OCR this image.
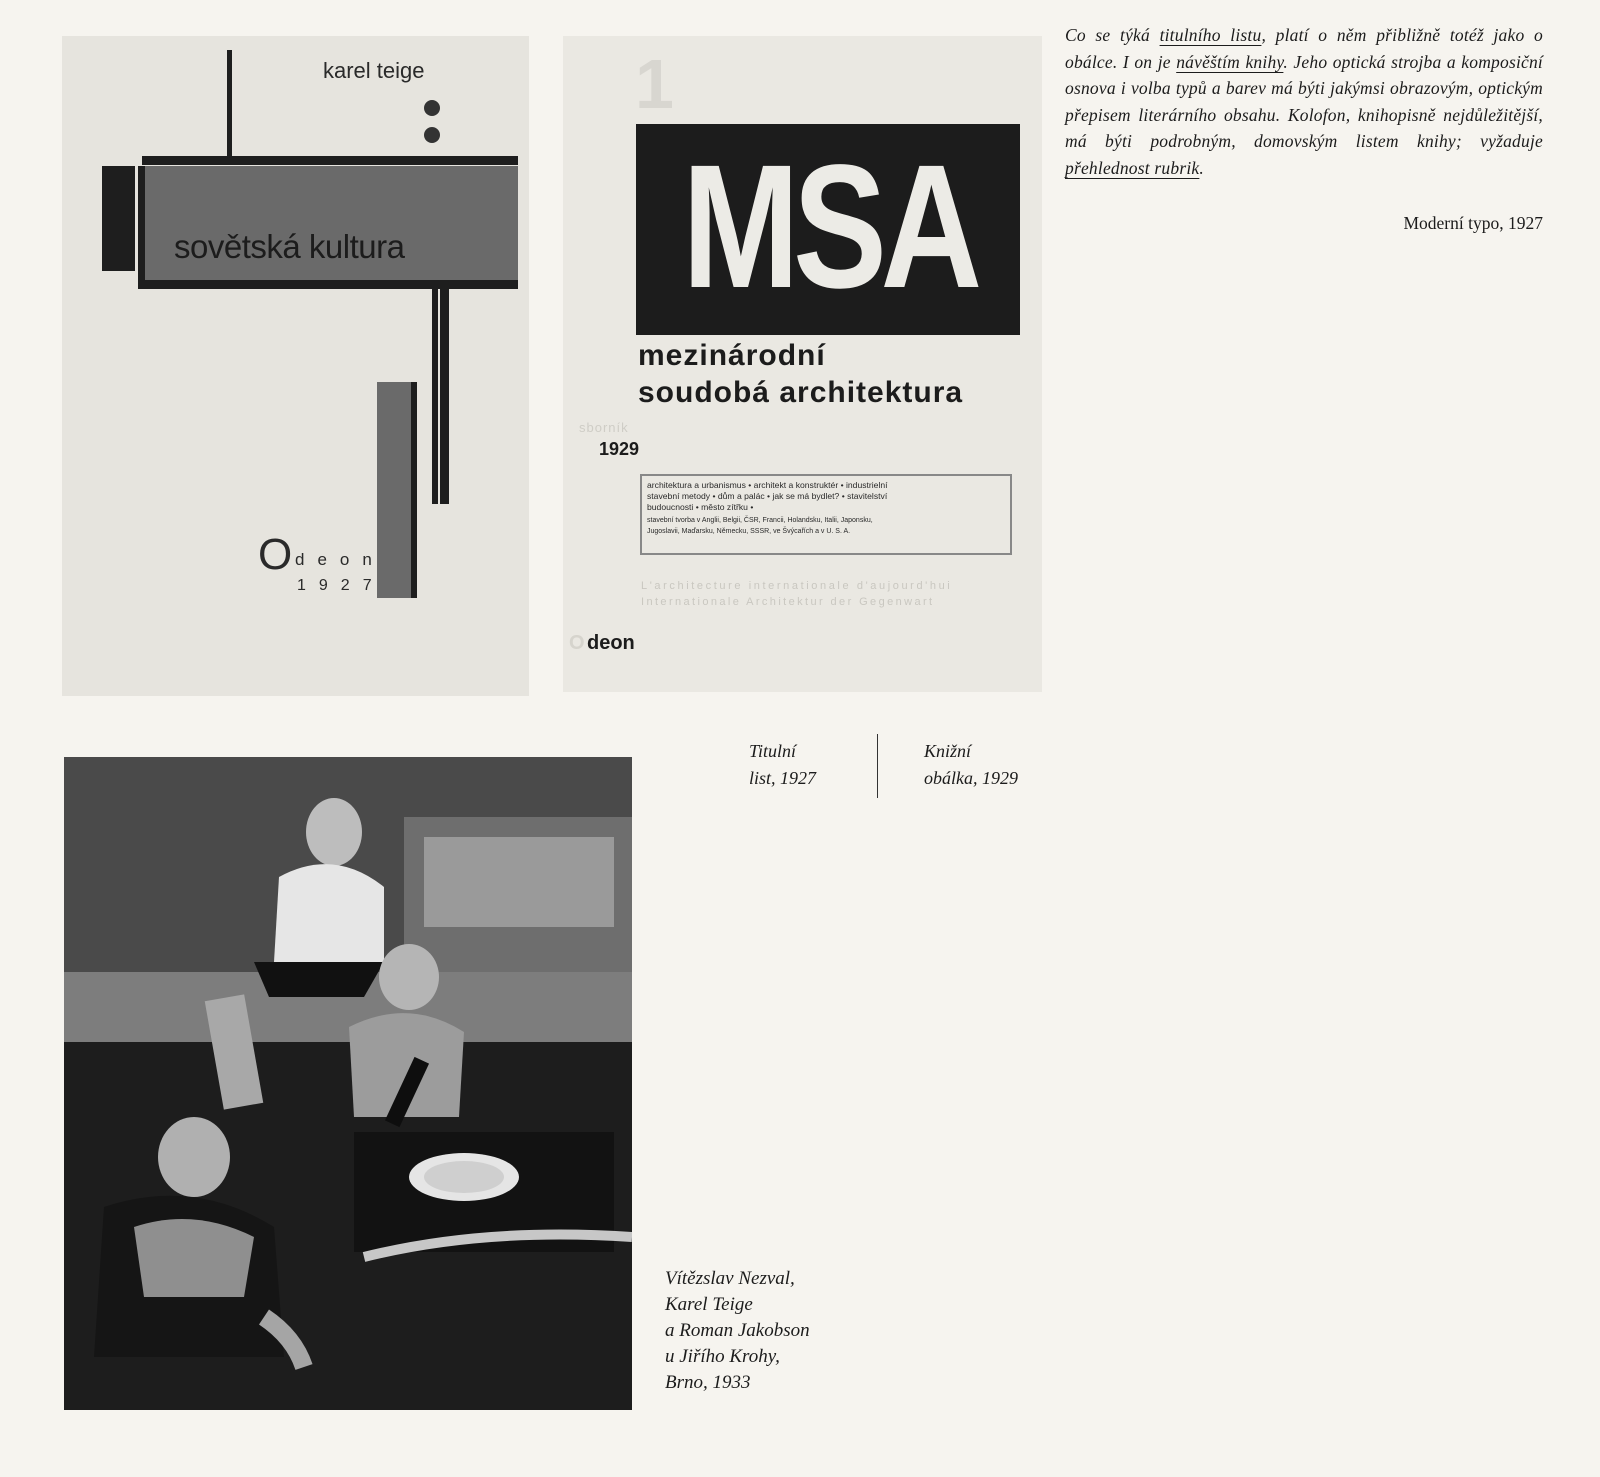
karel teige
sovětská kultura
O deon
1927
1
MSA
mezinárodní
soudobá architektura
sborník
1929
architektura a urbanismus • architekt a konstruktér • industrielní
stavební metody • dům a palác • jak se má bydlet? • stavitelství
budoucnosti • město zítřku •
stavební tvorba v Anglii, Belgii, ČSR, Francii, Holandsku, Italii, Japonsku,
Jugoslavii, Maďarsku, Německu, SSSR, ve Švýcařích a v U. S. A.
L'architecture internationale d'aujourd'hui
Internationale Architektur der Gegenwart
O deon

Co se týká titulního listu, platí o něm přibližně totéž jako o obálce. I on je návěštím knihy. Jeho optická strojba a komposiční osnova i volba typů a barev má býti jakýmsi obrazovým, optickým přepisem literárního obsahu. Kolofon, knihopisně nejdůležitější, má býti podrobným, domovským listem knihy; vyžaduje přehlednost rubrik.

Moderní typo, 1927
Titulní
list, 1927
Knižní
obálka, 1929
Vítězslav Nezval,
Karel Teige
a Roman Jakobson
u Jiřího Krohy,
Brno, 1933
